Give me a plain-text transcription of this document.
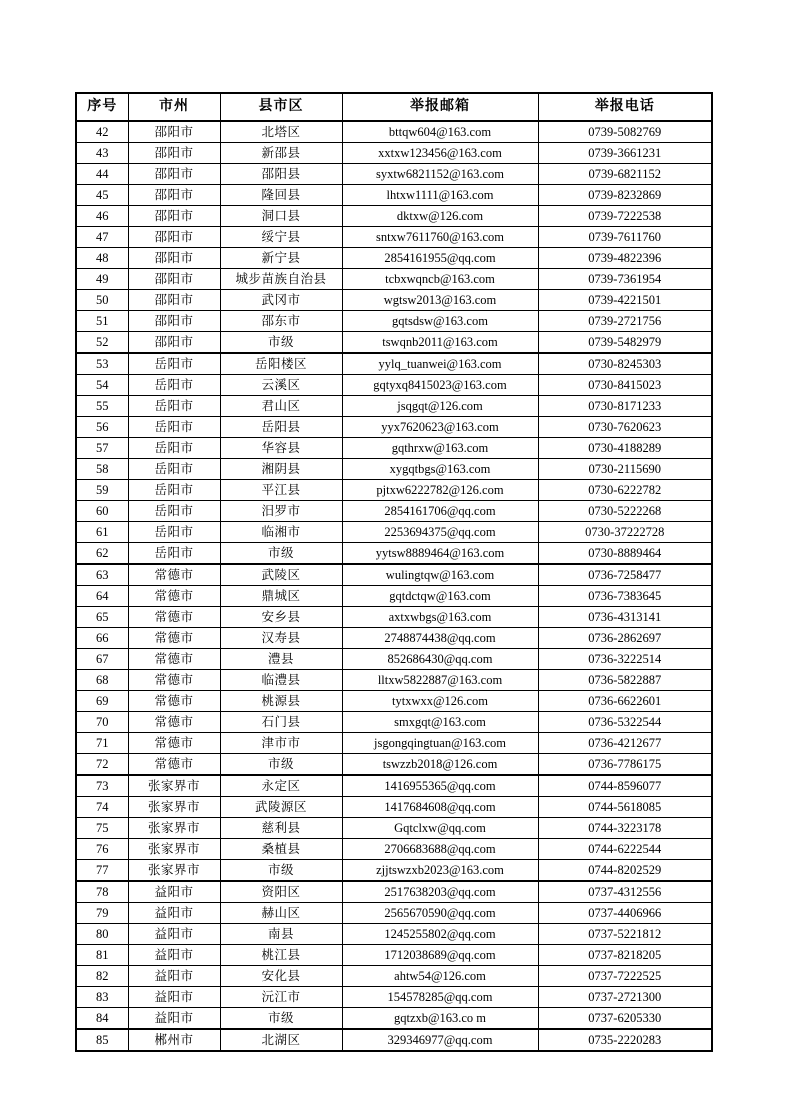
序号	市州	县市区	举报邮箱	举报电话
42	邵阳市	北塔区	bttqw604@163.com	0739-5082769
43	邵阳市	新邵县	xxtxw123456@163.com	0739-3661231
44	邵阳市	邵阳县	syxtw6821152@163.com	0739-6821152
45	邵阳市	隆回县	lhtxw1111@163.com	0739-8232869
46	邵阳市	洞口县	dktxw@126.com	0739-7222538
47	邵阳市	绥宁县	sntxw7611760@163.com	0739-7611760
48	邵阳市	新宁县	2854161955@qq.com	0739-4822396
49	邵阳市	城步苗族自治县	tcbxwqncb@163.com	0739-7361954
50	邵阳市	武冈市	wgtsw2013@163.com	0739-4221501
51	邵阳市	邵东市	gqtsdsw@163.com	0739-2721756
52	邵阳市	市级	tswqnb2011@163.com	0739-5482979
53	岳阳市	岳阳楼区	yylq_tuanwei@163.com	0730-8245303
54	岳阳市	云溪区	gqtyxq8415023@163.com	0730-8415023
55	岳阳市	君山区	jsqgqt@126.com	0730-8171233
56	岳阳市	岳阳县	yyx7620623@163.com	0730-7620623
57	岳阳市	华容县	gqthrxw@163.com	0730-4188289
58	岳阳市	湘阴县	xygqtbgs@163.com	0730-2115690
59	岳阳市	平江县	pjtxw6222782@126.com	0730-6222782
60	岳阳市	汨罗市	2854161706@qq.com	0730-5222268
61	岳阳市	临湘市	2253694375@qq.com	0730-37222728
62	岳阳市	市级	yytsw8889464@163.com	0730-8889464
63	常德市	武陵区	wulingtqw@163.com	0736-7258477
64	常德市	鼎城区	gqtdctqw@163.com	0736-7383645
65	常德市	安乡县	axtxwbgs@163.com	0736-4313141
66	常德市	汉寿县	2748874438@qq.com	0736-2862697
67	常德市	澧县	852686430@qq.com	0736-3222514
68	常德市	临澧县	lltxw5822887@163.com	0736-5822887
69	常德市	桃源县	tytxwxx@126.com	0736-6622601
70	常德市	石门县	smxgqt@163.com	0736-5322544
71	常德市	津市市	jsgongqingtuan@163.com	0736-4212677
72	常德市	市级	tswzzb2018@126.com	0736-7786175
73	张家界市	永定区	1416955365@qq.com	0744-8596077
74	张家界市	武陵源区	1417684608@qq.com	0744-5618085
75	张家界市	慈利县	Gqtclxw@qq.com	0744-3223178
76	张家界市	桑植县	2706683688@qq.com	0744-6222544
77	张家界市	市级	zjjtswzxb2023@163.com	0744-8202529
78	益阳市	资阳区	2517638203@qq.com	0737-4312556
79	益阳市	赫山区	2565670590@qq.com	0737-4406966
80	益阳市	南县	1245255802@qq.com	0737-5221812
81	益阳市	桃江县	1712038689@qq.com	0737-8218205
82	益阳市	安化县	ahtw54@126.com	0737-7222525
83	益阳市	沅江市	154578285@qq.com	0737-2721300
84	益阳市	市级	gqtzxb@163.co m	0737-6205330
85	郴州市	北湖区	329346977@qq.com	0735-2220283
